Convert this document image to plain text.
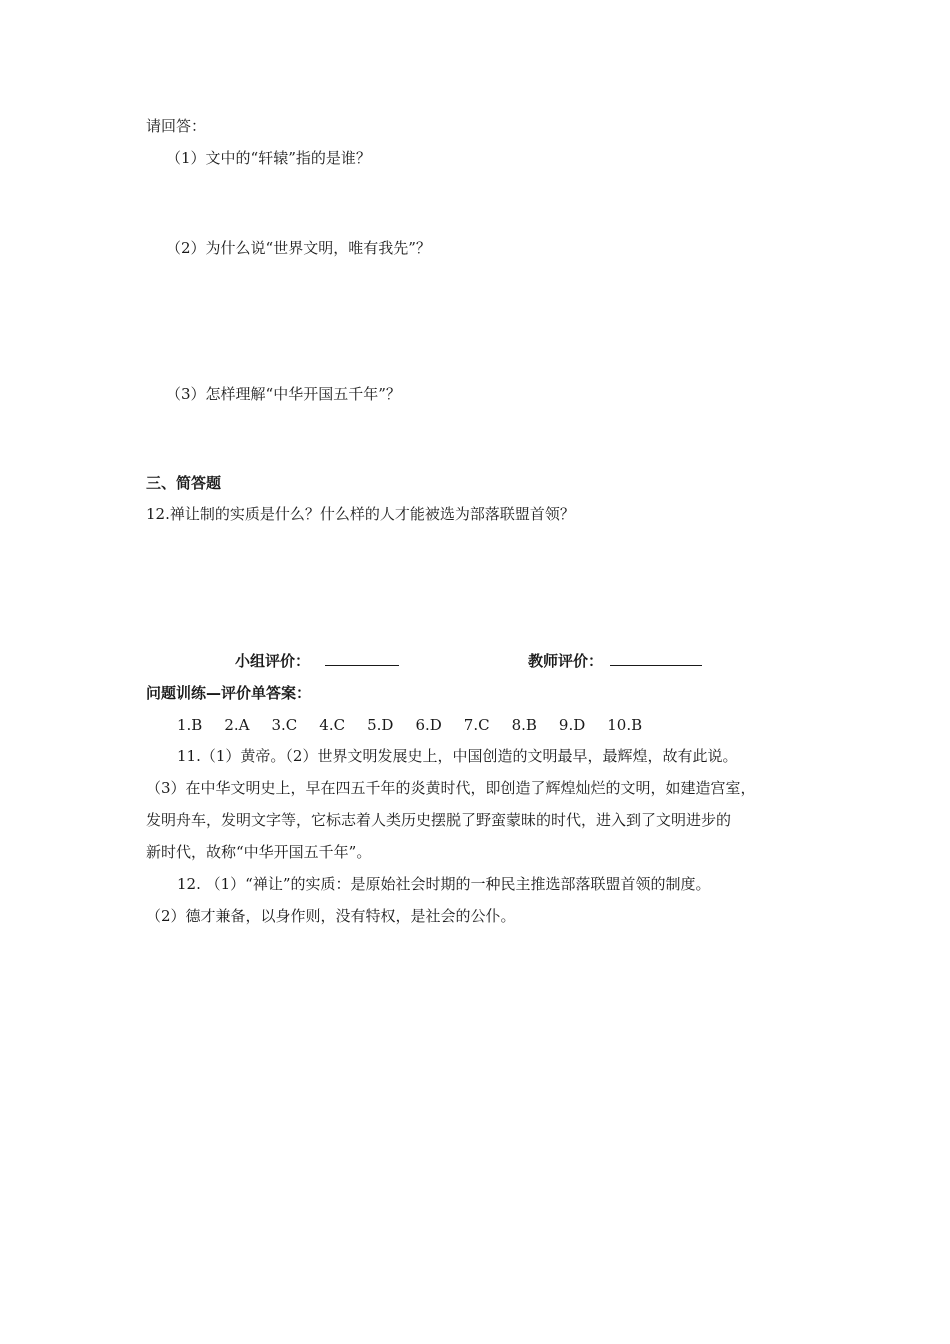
请回答：
（1）文中的“轩辕”指的是谁？
（2）为什么说“世界文明，唯有我先”？
（3）怎样理解“中华开国五千年”？
三、简答题
12.禅让制的实质是什么？什么样的人才能被选为部落联盟首领？
小组评价：	教师评价：
问题训练—评价单答案：
1.B 2.A 3.C 4.C 5.D 6.D 7.C 8.B 9.D 10.B
11.（1）黄帝。（2）世界文明发展史上，中国创造的文明最早，最辉煌，故有此说。
（3）在中华文明史上，早在四五千年的炎黄时代，即创造了辉煌灿烂的文明，如建造宫室，
发明舟车，发明文字等，它标志着人类历史摆脱了野蛮蒙昧的时代，进入到了文明进步的
新时代，故称“中华开国五千年”。
12. （1）“禅让”的实质：是原始社会时期的一种民主推选部落联盟首领的制度。
（2）德才兼备，以身作则，没有特权，是社会的公仆。
